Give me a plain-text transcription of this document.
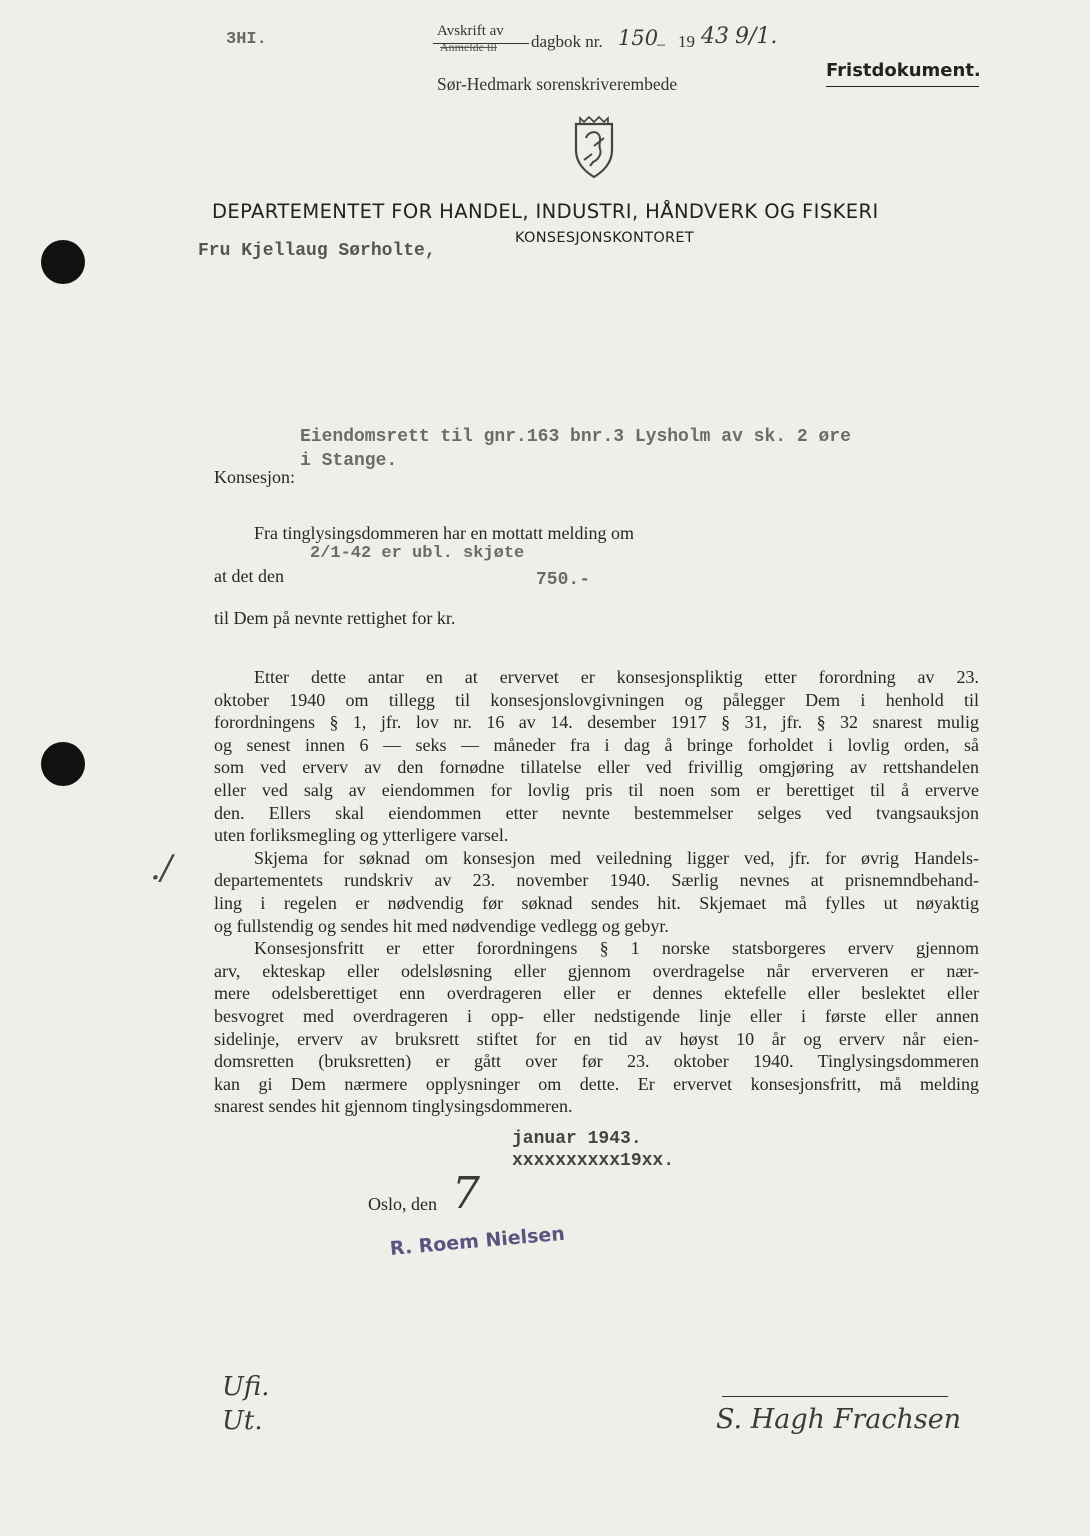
3HI.	Avskrift av
Anmelde til dagbok nr. 150
– 19 43 9/1.
Sør-Hedmark sorenskriverembede
Fristdokument.
DEPARTEMENTET FOR HANDEL, INDUSTRI, HÅNDVERK OG FISKERI
KONSESJONSKONTORET
Fru Kjellaug Sørholte,
Eiendomsrett til gnr.163 bnr.3 Lysholm av sk. 2 øre
i Stange.
Konsesjon:
Fra tinglysingsdommeren har en mottatt melding om
at det den
2/1-42 er ubl. skjøte
750.-
til Dem på nevnte rettighet for kr.
Etter dette antar en at ervervet er konsesjonspliktig etter forordning av 23.
oktober 1940 om tillegg til konsesjonslovgivningen og pålegger Dem i henhold til
forordningens § 1, jfr. lov nr. 16 av 14. desember 1917 § 31, jfr. § 32 snarest mulig
og senest innen 6 — seks — måneder fra i dag å bringe forholdet i lovlig orden, så
som ved erverv av den fornødne tillatelse eller ved frivillig omgjøring av rettshandelen
eller ved salg av eiendommen for lovlig pris til noen som er berettiget til å erverve
den. Ellers skal eiendommen etter nevnte bestemmelser selges ved tvangsauksjon
uten forliksmegling og ytterligere varsel.
Skjema for søknad om konsesjon med veiledning ligger ved, jfr. for øvrig Handels-
departementets rundskriv av 23. november 1940. Særlig nevnes at prisnemndbehand-
ling i regelen er nødvendig før søknad sendes hit. Skjemaet må fylles ut nøyaktig
og fullstendig og sendes hit med nødvendige vedlegg og gebyr.
Konsesjonsfritt er etter forordningens § 1 norske statsborgeres erverv gjennom
arv, ekteskap eller odelsløsning eller gjennom overdragelse når erververen er nær-
mere odelsberettiget enn overdrageren eller er dennes ektefelle eller beslektet eller
besvogret med overdrageren i opp- eller nedstigende linje eller i første eller annen
sidelinje, erverv av bruksrett stiftet for en tid av høyst 10 år og erverv når eien-
domsretten (bruksretten) er gått over før 23. oktober 1940. Tinglysingsdommeren
kan gi Dem nærmere opplysninger om dette. Er ervervet konsesjonsfritt, må melding
snarest sendes hit gjennom tinglysingsdommeren.
./
januar 1943.
xxxxxxxxxx19xx.
Oslo, den 7
R. Roem Nielsen
Ufi. Ut.	S. Hagh Frachsen
